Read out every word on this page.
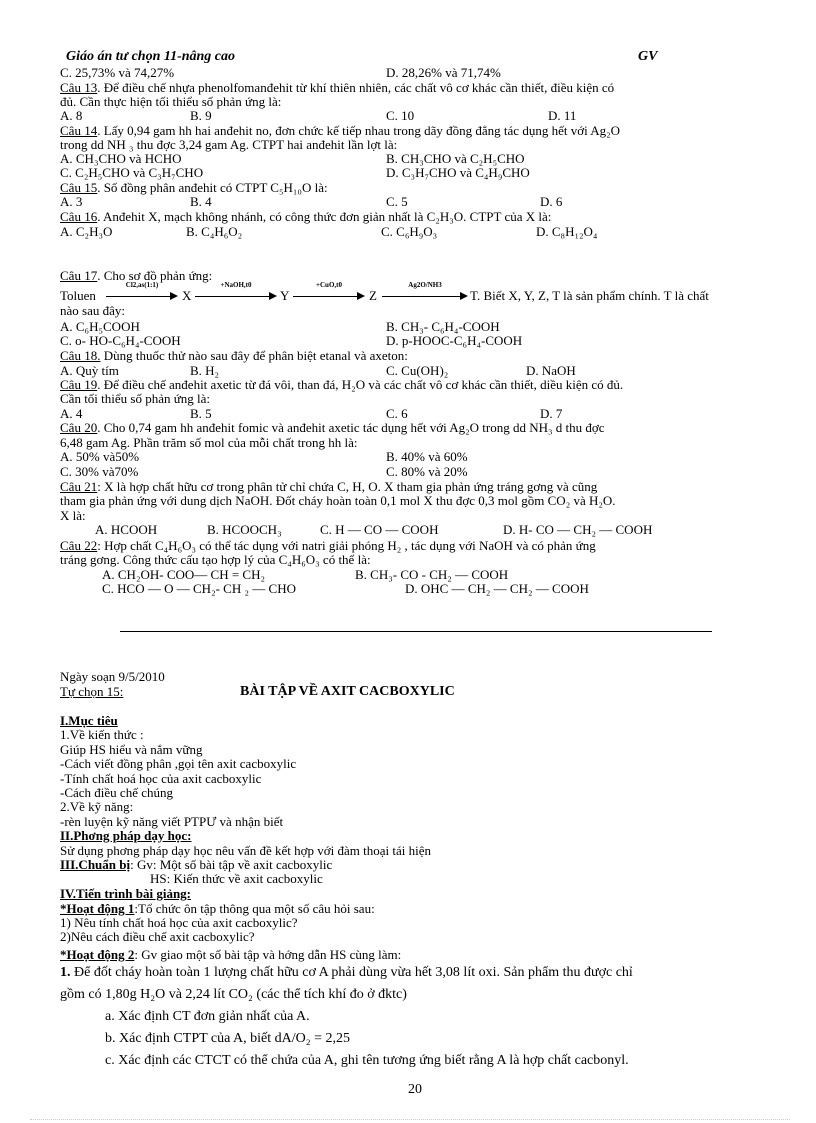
Giáo án tư chọn 11-nâng cao	GV
C. 25,73% và 74,27%	D. 28,26% và 71,74%
Câu 13. Để điều chế nhựa phenolfomanđehit từ khí thiên nhiên, các chất vô cơ khác cần thiết, điều kiện có
đủ. Cần thực hiện tối thiểu số phản ứng là:
A. 8	B. 9	C. 10	D. 11
Câu 14. Lấy 0,94 gam hh hai anđehit no, đơn chức kế tiếp nhau trong dãy đồng đẳng tác dụng hết với Ag₂O
trong dd NH ₃ thu đợc 3,24 gam Ag. CTPT hai anđehit lần lợt là:
A. CH₃CHO và HCHO	B. CH₃CHO và C₂H₅CHO
C. C₂H₅CHO và C₃H₇CHO	D. C₃H₇CHO và C₄H₉CHO
Câu 15. Số đồng phân anđehit có CTPT C₅H₁₀O là:
A. 3	B. 4	C. 5	D. 6
Câu 16. Anđehit X, mạch không nhánh, có công thức đơn giản nhất là C₂H₃O. CTPT của X là:
A. C₂H₃O	B. C₄H₆O₂	C. C₆H₉O₃	D. C₈H₁₂O₄
Câu 17. Cho sơ đồ phản ứng:
Toluen
Cl2,as(1:1)
X
+NaOH,t0
Y
+CuO,t0
Z
Ag2O/NH3
T. Biết X, Y, Z, T là sản phẩm chính. T là chất
nào sau đây:
A. C₆H₅COOH	B. CH₃- C₆H₄-COOH
C. o- HO-C₆H₄-COOH	D. p-HOOC-C₆H₄-COOH
Câu 18. Dùng thuốc thử nào sau đây để phân biệt etanal và axeton:
A. Quỳ tím	B. H₂	C. Cu(OH)₂	D. NaOH
Câu 19. Để điều chế anđehit axetic từ đá vôi, than đá, H₂O và các chất vô cơ khác cần thiết, diều kiện có đủ.
Cần tối thiểu số phản ứng là:
A. 4	B. 5	C. 6	D. 7
Câu 20. Cho 0,74 gam hh anđehit fomic và anđehit axetic tác dụng hết với Ag₂O trong dd NH₃ d thu đợc
6,48 gam Ag. Phần trăm số mol của mỗi chất trong hh là:
A. 50% và50%	B. 40% và 60%
C. 30% và70%	C. 80% và 20%
Câu 21: X là hợp chất hữu cơ trong phân tử chỉ chứa C, H, O. X tham gia phản ứng tráng gơng và cũng
tham gia phản ứng với dung dịch NaOH. Đốt cháy hoàn toàn 0,1 mol X thu đợc 0,3 mol gồm CO₂ và H₂O.
X là:
A. HCOOH	B. HCOOCH₃	C. H — CO — COOH	D. H- CO — CH₂ — COOH
Câu 22: Hợp chất C₄H₆O₃ có thể tác dụng với natri giải phóng H₂ , tác dụng với NaOH và có phản ứng
tráng gơng. Công thức cấu tạo hợp lý của C₄H₆O₃ có thể là:
A. CH₂OH- COO— CH = CH₂	B. CH₃- CO - CH₂ — COOH
C. HCO — O — CH₂- CH ₂ — CHO	D. OHC — CH₂ — CH₂ — COOH
Ngày soạn 9/5/2010
Tự chọn 15:	BÀI TẬP VỀ AXIT CACBOXYLIC
I.Mục tiêu
1.Về kiến thức :
Giúp HS hiểu và nắm vững
-Cách viết đồng phân ,gọi tên axit cacboxylic
-Tính chất hoá học của axit cacboxylic
-Cách điều chế chúng
2.Về kỹ năng:
-rèn luyện kỹ năng viết PTPƯ và nhận biết
II.Phơng pháp dạy học:
Sử dụng phơng pháp dạy học nêu vấn đề kết hợp với đàm thoại tái hiện
III.Chuẩn bị: Gv: Một số bài tập về axit cacboxylic
HS: Kiến thức về axit cacboxylic
IV.Tiến trình bài giảng:
*Hoạt động 1:Tổ chức ôn tập thông qua một số câu hỏi sau:
1) Nêu tính chất hoá học của axit cacboxylic?
2)Nêu cách điều chế axit cacboxylic?
*Hoạt động 2: Gv giao một số bài tập và hớng dẫn HS cùng làm:
1. Để đốt cháy hoàn toàn 1 lượng chất hữu cơ A phải dùng vừa hết 3,08 lít oxi. Sản phẩm thu được chỉ
gồm có 1,80g H₂O và 2,24 lít CO₂ (các thể tích khí đo ở đktc)
a. Xác định CT đơn giản nhất của A.
b. Xác định CTPT của A, biết dA/O₂ = 2,25
c. Xác định các CTCT có thể chứa của A, ghi tên tương ứng biết rằng A là hợp chất cacbonyl.
20
